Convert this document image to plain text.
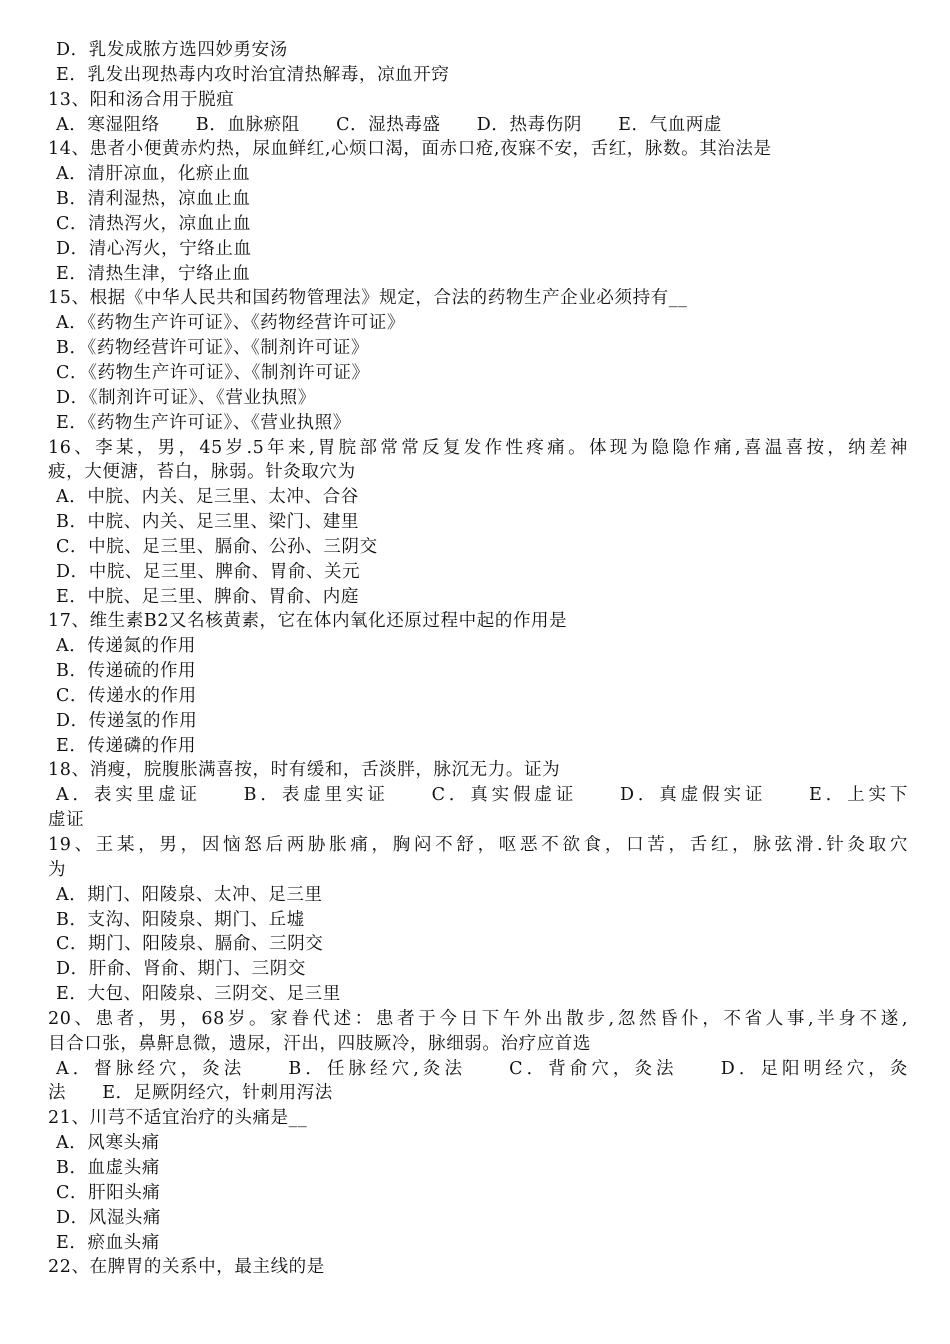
D．乳发成脓方选四妙勇安汤
E．乳发出现热毒内攻时治宜清热解毒，凉血开窍
13、阳和汤合用于脱疽
A．寒湿阻络　　B．血脉瘀阻　　C．湿热毒盛　　D．热毒伤阴　　E．气血两虚
14、患者小便黄赤灼热，尿血鲜红,心烦口渴，面赤口疮,夜寐不安，舌红，脉数。其治法是
A．清肝凉血，化瘀止血
B．清利湿热，凉血止血
C．清热泻火，凉血止血
D．清心泻火，宁络止血
E．清热生津，宁络止血
15、根据《中华人民共和国药物管理法》规定，合法的药物生产企业必须持有__
A．《药物生产许可证》、《药物经营许可证》
B．《药物经营许可证》、《制剂许可证》
C．《药物生产许可证》、《制剂许可证》
D．《制剂许可证》、《营业执照》
E．《药物生产许可证》、《营业执照》
16、李某，男，45岁.5年来,胃脘部常常反复发作性疼痛。体现为隐隐作痛,喜温喜按，纳差神
疲，大便溏，苔白，脉弱。针灸取穴为
A．中脘、内关、足三里、太冲、合谷
B．中脘、内关、足三里、梁门、建里
C．中脘、足三里、膈俞、公孙、三阴交
D．中脘、足三里、脾俞、胃俞、关元
E．中脘、足三里、脾俞、胃俞、内庭
17、维生素B2又名核黄素，它在体内氧化还原过程中起的作用是
A．传递氮的作用
B．传递硫的作用
C．传递水的作用
D．传递氢的作用
E．传递磷的作用
18、消瘦，脘腹胀满喜按，时有缓和，舌淡胖，脉沉无力。证为
A．表实里虚证　　B．表虚里实证　　C．真实假虚证　　D．真虚假实证　　E．上实下
虚证
19、王某，男，因恼怒后两胁胀痛，胸闷不舒，呕恶不欲食，口苦，舌红，脉弦滑.针灸取穴
为
A．期门、阳陵泉、太冲、足三里
B．支沟、阳陵泉、期门、丘墟
C．期门、阳陵泉、膈俞、三阴交
D．肝俞、肾俞、期门、三阴交
E．大包、阳陵泉、三阴交、足三里
20、患者，男，68岁。家眷代述：患者于今日下午外出散步,忽然昏仆，不省人事,半身不遂,
目合口张，鼻鼾息微，遗尿，汗出，四肢厥冷，脉细弱。治疗应首选
A．督脉经穴，灸法　　B．任脉经穴,灸法　　C．背俞穴，灸法　　D．足阳明经穴，灸
法　　E．足厥阴经穴，针刺用泻法
21、川芎不适宜治疗的头痛是__
A．风寒头痛
B．血虚头痛
C．肝阳头痛
D．风湿头痛
E．瘀血头痛
22、在脾胃的关系中，最主线的是
